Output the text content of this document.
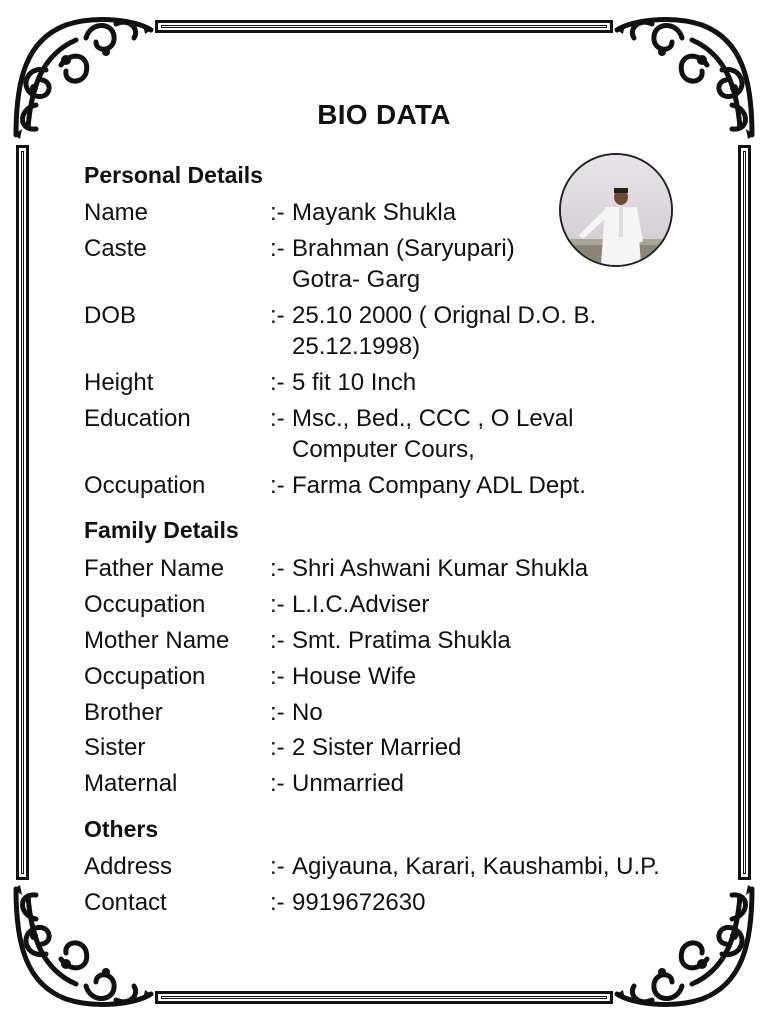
BIO DATA
Personal Details
Name	:- Mayank Shukla
Caste	:- Brahman (Saryupari)
Gotra- Garg
DOB	:- 25.10 2000 ( Orignal D.O. B.
25.12.1998)
Height	:- 5 fit 10 Inch
Education	:- Msc., Bed., CCC , O Leval
Computer Cours,
Occupation	:- Farma Company ADL Dept.
Family Details
Father Name :- Shri Ashwani Kumar Shukla
Occupation	:- L.I.C.Adviser
Mother Name :- Smt. Pratima Shukla
Occupation	:- House Wife
Brother	:- No
Sister	:- 2 Sister Married
Maternal	:- Unmarried
Others
Address	:- Agiyauna, Karari, Kaushambi, U.P.
Contact	:- 9919672630
